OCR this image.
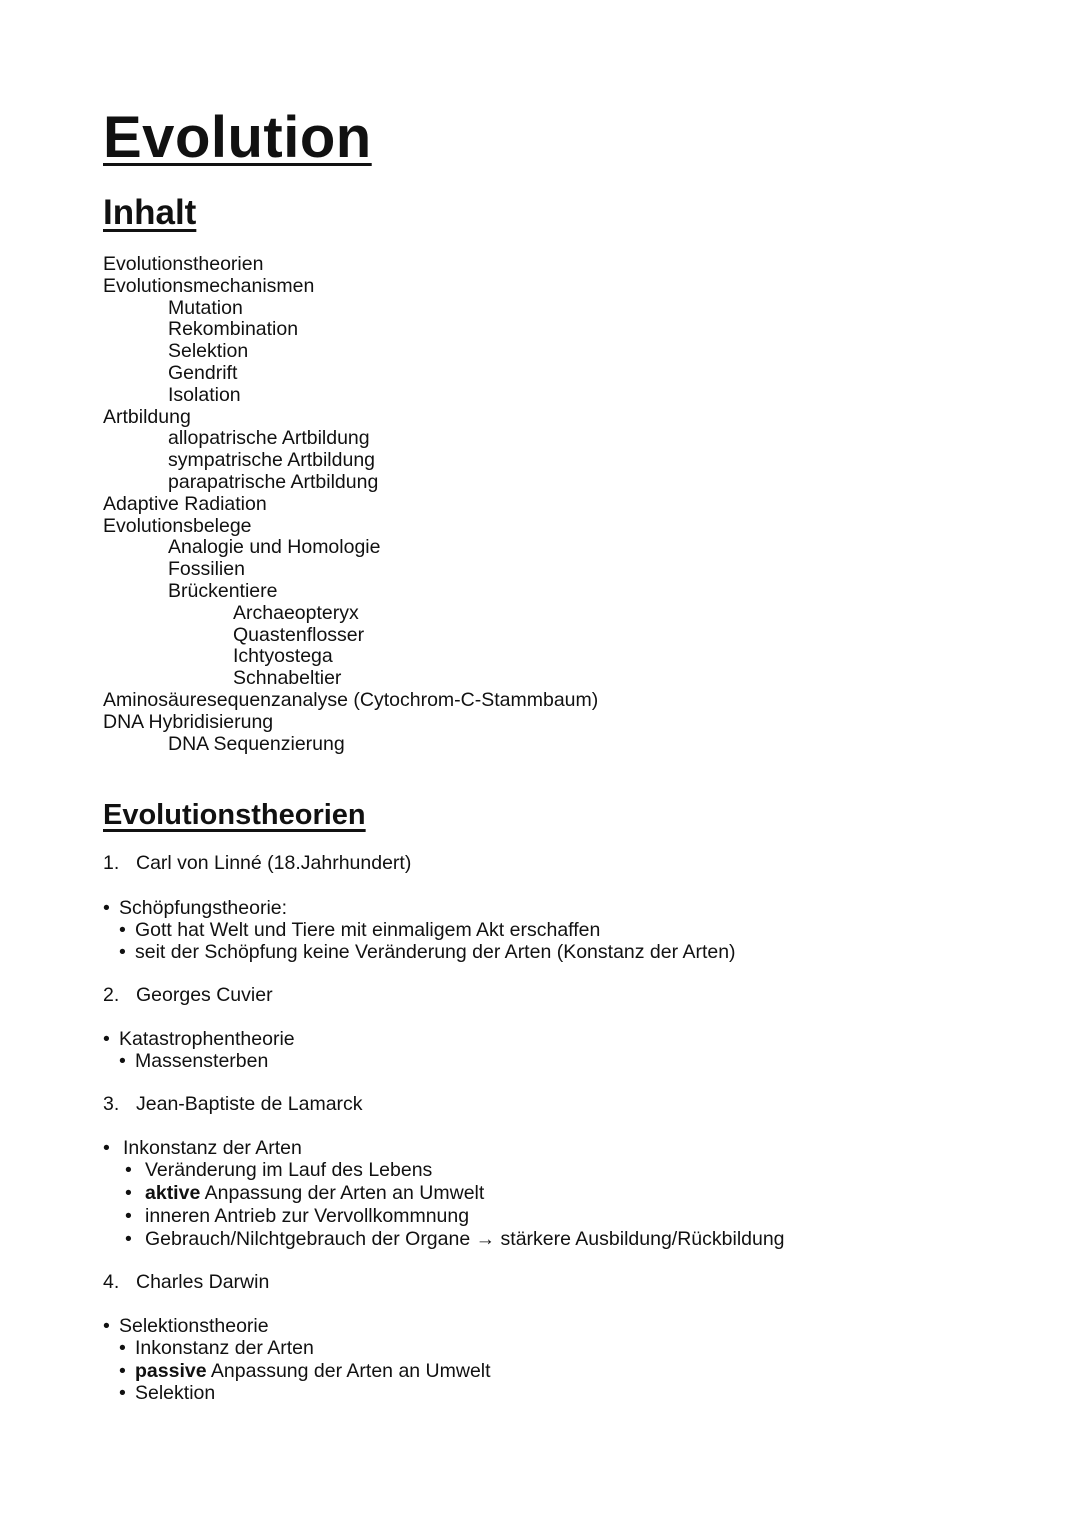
Evolution
Inhalt
Evolutionstheorien
Evolutionsmechanismen
Mutation
Rekombination
Selektion
Gendrift
Isolation
Artbildung
allopatrische Artbildung
sympatrische Artbildung
parapatrische Artbildung
Adaptive Radiation
Evolutionsbelege
Analogie und Homologie
Fossilien
Brückentiere
Archaeopteryx
Quastenflosser
Ichtyostega
Schnabeltier
Aminosäuresequenzanalyse (Cytochrom-C-Stammbaum)
DNA Hybridisierung
DNA Sequenzierung
Evolutionstheorien
1. Carl von Linné (18.Jahrhundert)
• Schöpfungstheorie:
• Gott hat Welt und Tiere mit einmaligem Akt erschaffen
• seit der Schöpfung keine Veränderung der Arten (Konstanz der Arten)
2. Georges Cuvier
• Katastrophentheorie
• Massensterben
3. Jean-Baptiste de Lamarck
• Inkonstanz der Arten
• Veränderung im Lauf des Lebens
• aktive Anpassung der Arten an Umwelt
• inneren Antrieb zur Vervollkommnung
• Gebrauch/Nilchtgebrauch der Organe → stärkere Ausbildung/Rückbildung
4. Charles Darwin
• Selektionstheorie
• Inkonstanz der Arten
• passive Anpassung der Arten an Umwelt
• Selektion
